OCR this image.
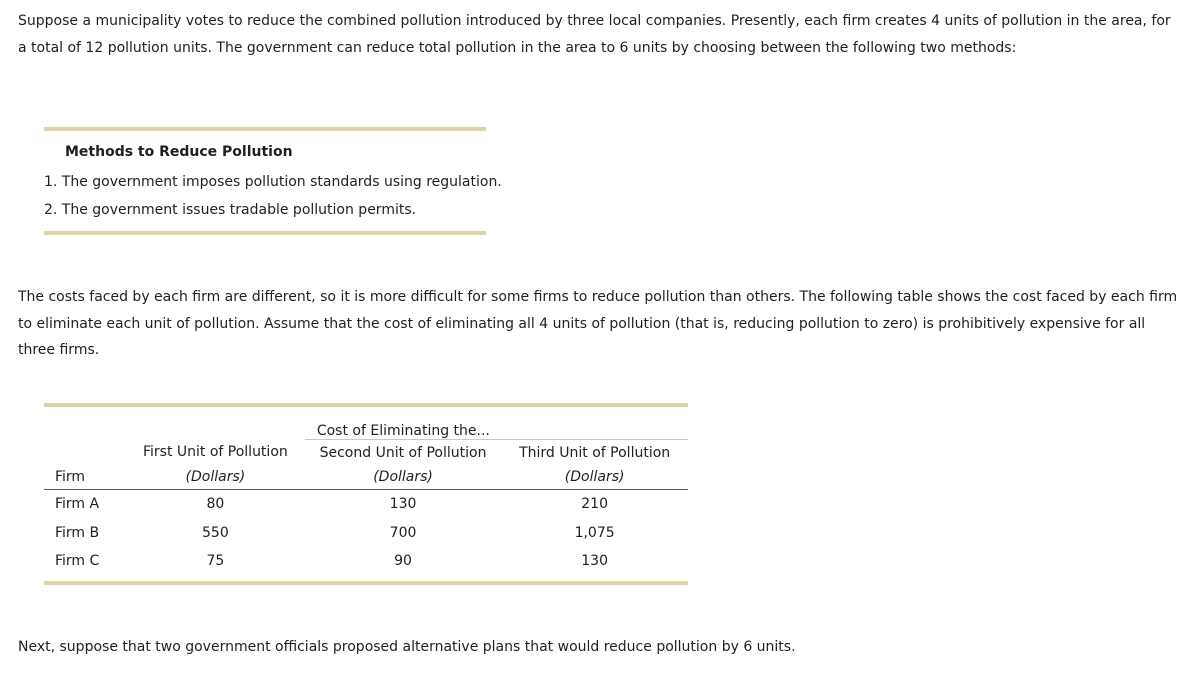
Suppose a municipality votes to reduce the combined pollution introduced by three local companies. Presently, each firm creates 4 units of pollution in the area, for a total of 12 pollution units. The government can reduce total pollution in the area to 6 units by choosing between the following two methods:

Methods to Reduce Pollution
1. The government imposes pollution standards using regulation.
2. The government issues tradable pollution permits.

The costs faced by each firm are different, so it is more difficult for some firms to reduce pollution than others. The following table shows the cost faced by each firm to eliminate each unit of pollution. Assume that the cost of eliminating all 4 units of pollution (that is, reducing pollution to zero) is prohibitively expensive for all three firms.

		Cost of Eliminating the...	
	First Unit of Pollution	Second Unit of Pollution	Third Unit of Pollution
Firm	(Dollars)	(Dollars)	(Dollars)
Firm A	80	130	210
Firm B	550	700	1,075
Firm C	75	90	130

Next, suppose that two government officials proposed alternative plans that would reduce pollution by 6 units.
